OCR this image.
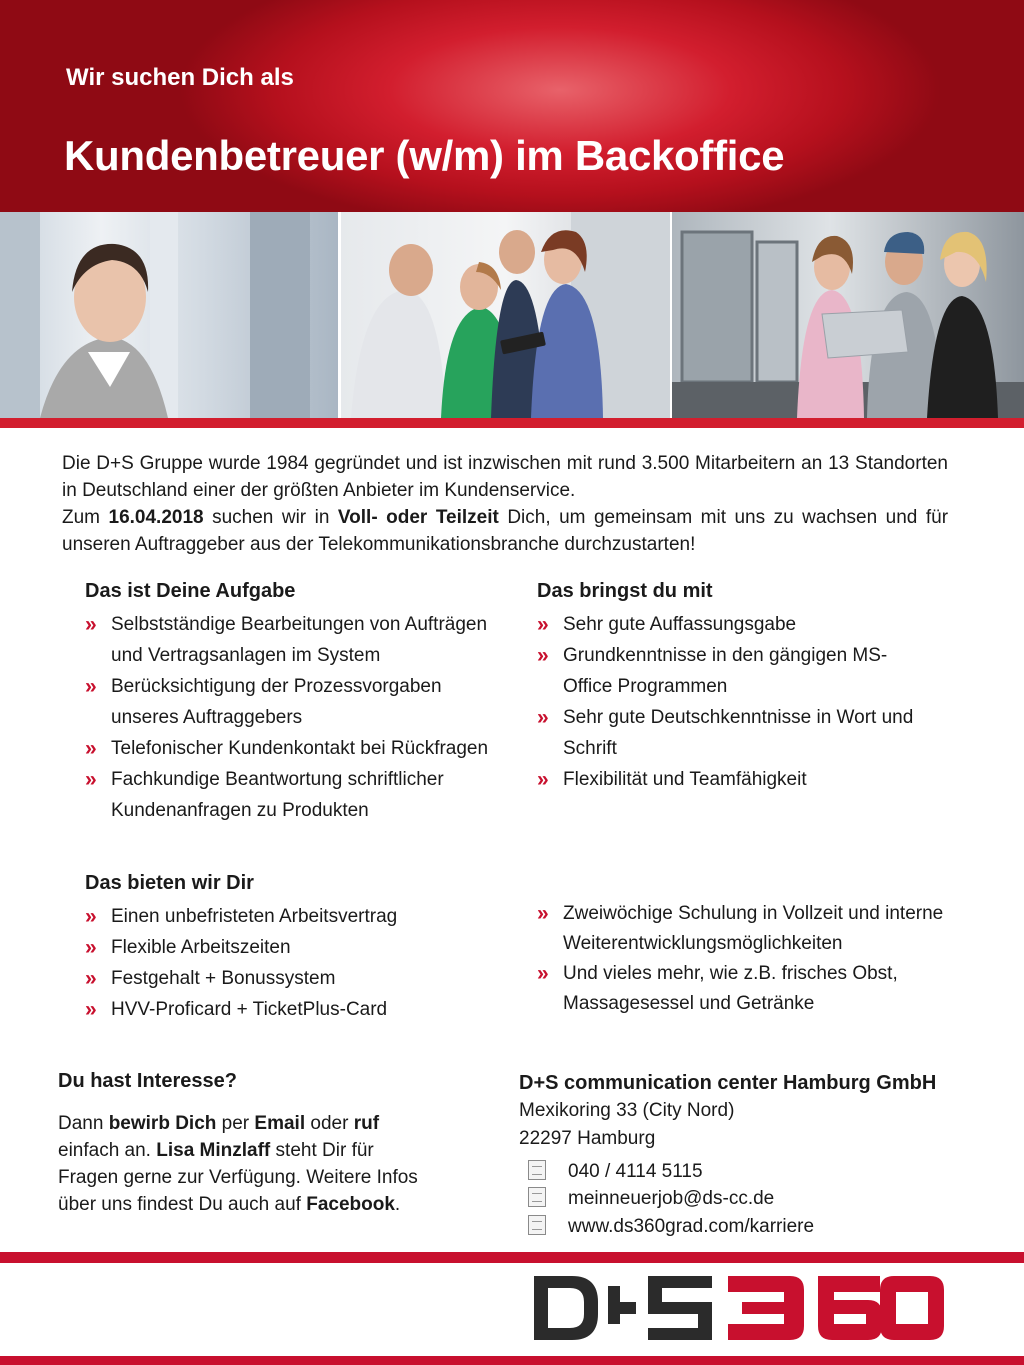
Wir suchen Dich als
Kundenbetreuer (w/m) im Backoffice

Die D+S Gruppe wurde 1984 gegründet und ist inzwischen mit rund 3.500 Mitarbeitern an 13 Standorten in Deutschland einer der größten Anbieter im Kundenservice.

Zum 16.04.2018 suchen wir in Voll- oder Teilzeit Dich, um gemeinsam mit uns zu wachsen und für unseren Auftraggeber aus der Telekommunikationsbranche durchzustarten!

Das ist Deine Aufgabe
» Selbstständige Bearbeitungen von Aufträgen und Vertragsanlagen im System
» Berücksichtigung der Prozessvorgaben unseres Auftraggebers
» Telefonischer Kundenkontakt bei Rückfragen
» Fachkundige Beantwortung schriftlicher Kundenanfragen zu Produkten
Das bringst du mit
» Sehr gute Auffassungsgabe
» Grundkenntnisse in den gängigen MS-Office Programmen
» Sehr gute Deutschkenntnisse in Wort und Schrift
» Flexibilität und Teamfähigkeit
Das bieten wir Dir
» Einen unbefristeten Arbeitsvertrag
» Flexible Arbeitszeiten
» Festgehalt + Bonussystem
» HVV-Proficard + TicketPlus-Card
» Zweiwöchige Schulung in Vollzeit und interne Weiterentwicklungsmöglichkeiten
» Und vieles mehr, wie z.B. frisches Obst, Massagesessel und Getränke
Du hast Interesse?
Dann bewirb Dich per Email oder ruf einfach an. Lisa Minzlaff steht Dir für Fragen gerne zur Verfügung. Weitere Infos über uns findest Du auch auf Facebook.
D+S communication center Hamburg GmbH
Mexikoring 33 (City Nord)
22297 Hamburg
040 / 4114 5115
meinneuerjob@ds-cc.de
www.ds360grad.com/karriere
